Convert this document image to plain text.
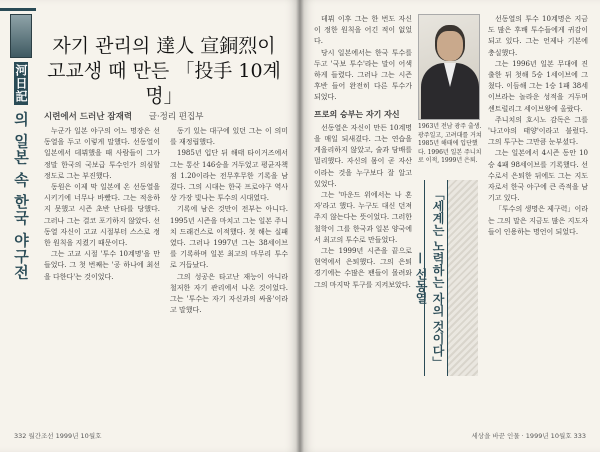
河日記 의 일본 속 한국 야구전
자기 관리의 達人 宣銅烈이
고교생 때 만든 「投手 10계명」
시련에서 드러난 잠재력 글·정리 편집부

누군가 일본 야구의 어느 명장은 선동열을 두고 이렇게 말했다. 선동열이 일본에서 데뷔했을 때 사람들이 그가 정말 한국의 국보급 투수인가 의심할 정도로 그는 부진했다.

동원은 이제 막 일본에 온 선동열을 시키기에 너무나 바빴다. 그는 적응하지 못했고 시즌 초반 난타를 당했다. 그러나 그는 결코 포기하지 않았다. 선동열 자신이 고교 시절부터 스스로 정한 원칙을 지켰기 때문이다.

그는 고교 시절 '투수 10계명'을 만들었다. 그 첫 번째는 '공 하나에 최선을 다한다'는 것이었다.

동기 있는 대구에 있던 그는 이 의미를 재정립했다.

1985년 입단 뒤 해태 타이거즈에서 그는 통산 146승을 거두었고 평균자책점 1.20이라는 전무후무한 기록을 남겼다. 그의 시대는 한국 프로야구 역사상 가장 빛나는 투수의 시대였다.

기록에 남은 것만이 전부는 아니다. 1995년 시즌을 마치고 그는 일본 주니치 드래건스로 이적했다. 첫 해는 실패였다. 그러나 1997년 그는 38세이브를 기록하며 일본 최고의 마무리 투수로 거듭났다.

그의 성공은 타고난 재능이 아니라 철저한 자기 관리에서 나온 것이었다. 그는 '투수는 자기 자신과의 싸움'이라고 말했다.

332 월간조선 1999년 10월호

데뷔 이후 그는 한 번도 자신이 정한 원칙을 어긴 적이 없었다.

당시 일본에서는 한국 투수를 두고 '국보 투수'라는 말이 어색하게 들렸다. 그러나 그는 시즌 후반 들어 완전히 다른 투수가 되었다.

프로의 승부는 자기 자신

선동열은 자신이 만든 10계명을 매일 되새겼다. 그는 연습을 게을리하지 않았고, 술과 담배를 멀리했다. 자신의 몸이 곧 자산이라는 것을 누구보다 잘 알고 있었다.

그는 '마운드 위에서는 나 혼자'라고 했다. 누구도 대신 던져주지 않는다는 뜻이었다. 그러한 철학이 그를 한국과 일본 양국에서 최고의 투수로 만들었다.

그는 1999년 시즌을 끝으로 현역에서 은퇴했다. 그의 은퇴 경기에는 수많은 팬들이 몰려와 그의 마지막 투구를 지켜보았다.

1963년 전남 광주 출생. 광주일고, 고려대를 거쳐 1985년 해태에 입단했다. 1996년 일본 주니치로 이적, 1999년 은퇴.
「세계는 노력하는 자의 것이다」 — 선동열

선동열의 투수 10계명은 지금도 많은 후배 투수들에게 귀감이 되고 있다. 그는 언제나 기본에 충실했다.

그는 1996년 일본 무대에 진출한 뒤 첫해 5승 1세이브에 그쳤다. 이듬해 그는 1승 1패 38세이브라는 놀라운 성적을 거두며 센트럴리그 세이브왕에 올랐다.

주니치의 호시노 감독은 그를 '나고야의 태양'이라고 불렀다. 그의 투구는 그만큼 눈부셨다.

그는 일본에서 4시즌 동안 10승 4패 98세이브를 기록했다. 선수로서 은퇴한 뒤에도 그는 지도자로서 한국 야구에 큰 족적을 남기고 있다.

「투수의 생명은 제구력」이라는 그의 말은 지금도 많은 지도자들이 인용하는 명언이 되었다.

세상을 바꾼 인물 · 1999년 10월호 333
